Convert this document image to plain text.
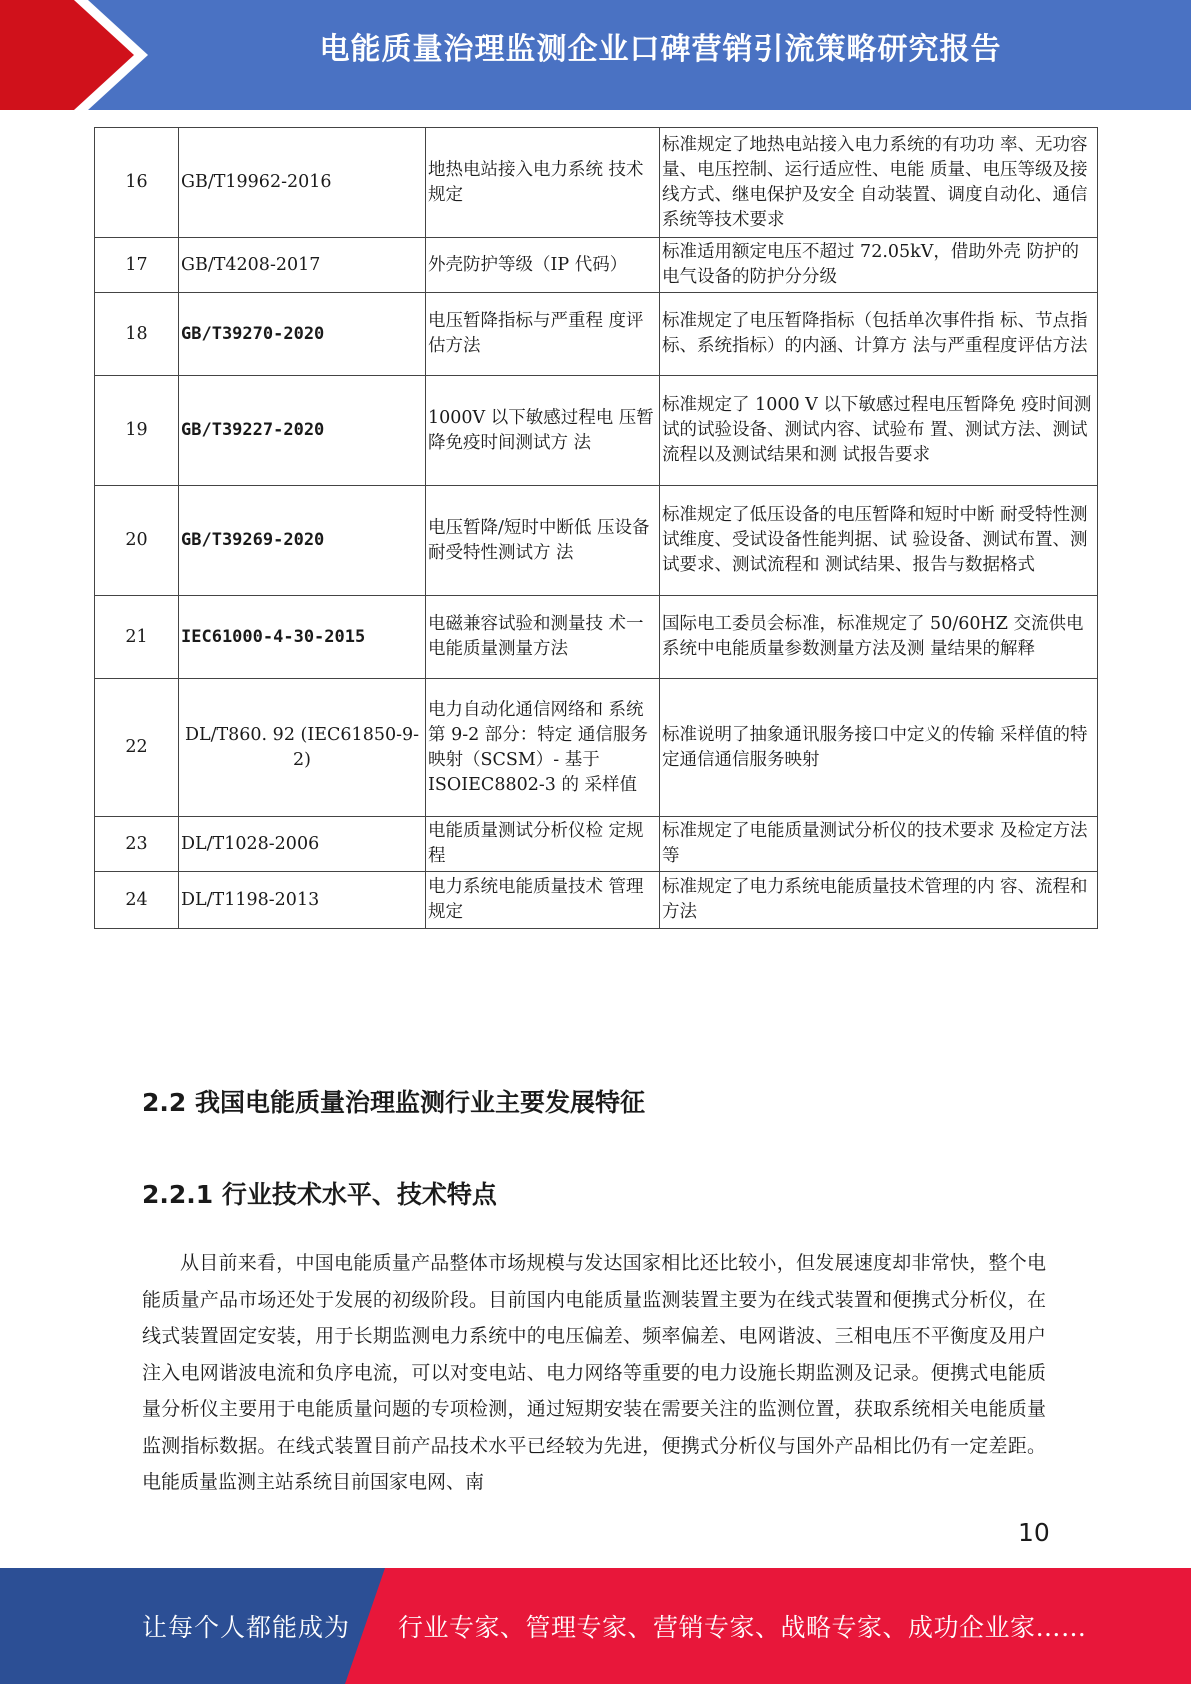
电能质量治理监测企业口碑营销引流策略研究报告
16	GB/T19962-2016	地热电站接入电力系统 技术规定	标准规定了地热电站接入电力系统的有功功 率、无功容量、电压控制、运行适应性、电能 质量、电压等级及接线方式、继电保护及安全 自动装置、调度自动化、通信系统等技术要求
17	GB/T4208-2017	外壳防护等级（IP 代码）	标准适用额定电压不超过 72.05kV，借助外壳 防护的电气设备的防护分分级
18	GB/T39270-2020	电压暂降指标与严重程 度评估方法	标准规定了电压暂降指标（包括单次事件指 标、节点指标、系统指标）的内涵、计算方 法与严重程度评估方法
19	GB/T39227-2020	1000V 以下敏感过程电 压暂降免疫时间测试方 法	标准规定了 1000 V 以下敏感过程电压暂降免 疫时间测试的试验设备、测试内容、试验布 置、测试方法、测试流程以及测试结果和测 试报告要求
20	GB/T39269-2020	电压暂降/短时中断低 压设备耐受特性测试方 法	标准规定了低压设备的电压暂降和短时中断 耐受特性测试维度、受试设备性能判据、试 验设备、测试布置、测试要求、测试流程和 测试结果、报告与数据格式
21	IEC61000-4-30-2015	电磁兼容试验和测量技 术一电能质量测量方法	国际电工委员会标准，标准规定了 50/60HZ 交流供电系统中电能质量参数测量方法及测 量结果的解释
22	DL/T860. 92 (IEC61850-9-2)	电力自动化通信网络和 系统第 9-2 部分：特定 通信服务映射（SCSM）- 基于 ISOIEC8802-3 的 采样值	标准说明了抽象通讯服务接口中定义的传输 采样值的特定通信通信服务映射
23	DL/T1028-2006	电能质量测试分析仪检 定规程	标准规定了电能质量测试分析仪的技术要求 及检定方法等
24	DL/T1198-2013	电力系统电能质量技术 管理规定	标准规定了电力系统电能质量技术管理的内 容、流程和方法
2.2 我国电能质量治理监测行业主要发展特征
2.2.1 行业技术水平、技术特点

从目前来看，中国电能质量产品整体市场规模与发达国家相比还比较小，但发展速度却非常快，整个电能质量产品市场还处于发展的初级阶段。目前国内电能质量监测装置主要为在线式装置和便携式分析仪，在线式装置固定安装，用于长期监测电力系统中的电压偏差、频率偏差、电网谐波、三相电压不平衡度及用户注入电网谐波电流和负序电流，可以对变电站、电力网络等重要的电力设施长期监测及记录。便携式电能质量分析仪主要用于电能质量问题的专项检测，通过短期安装在需要关注的监测位置，获取系统相关电能质量监测指标数据。在线式装置目前产品技术水平已经较为先进，便携式分析仪与国外产品相比仍有一定差距。电能质量监测主站系统目前国家电网、南

10
让每个人都能成为 行业专家、管理专家、营销专家、战略专家、成功企业家……
